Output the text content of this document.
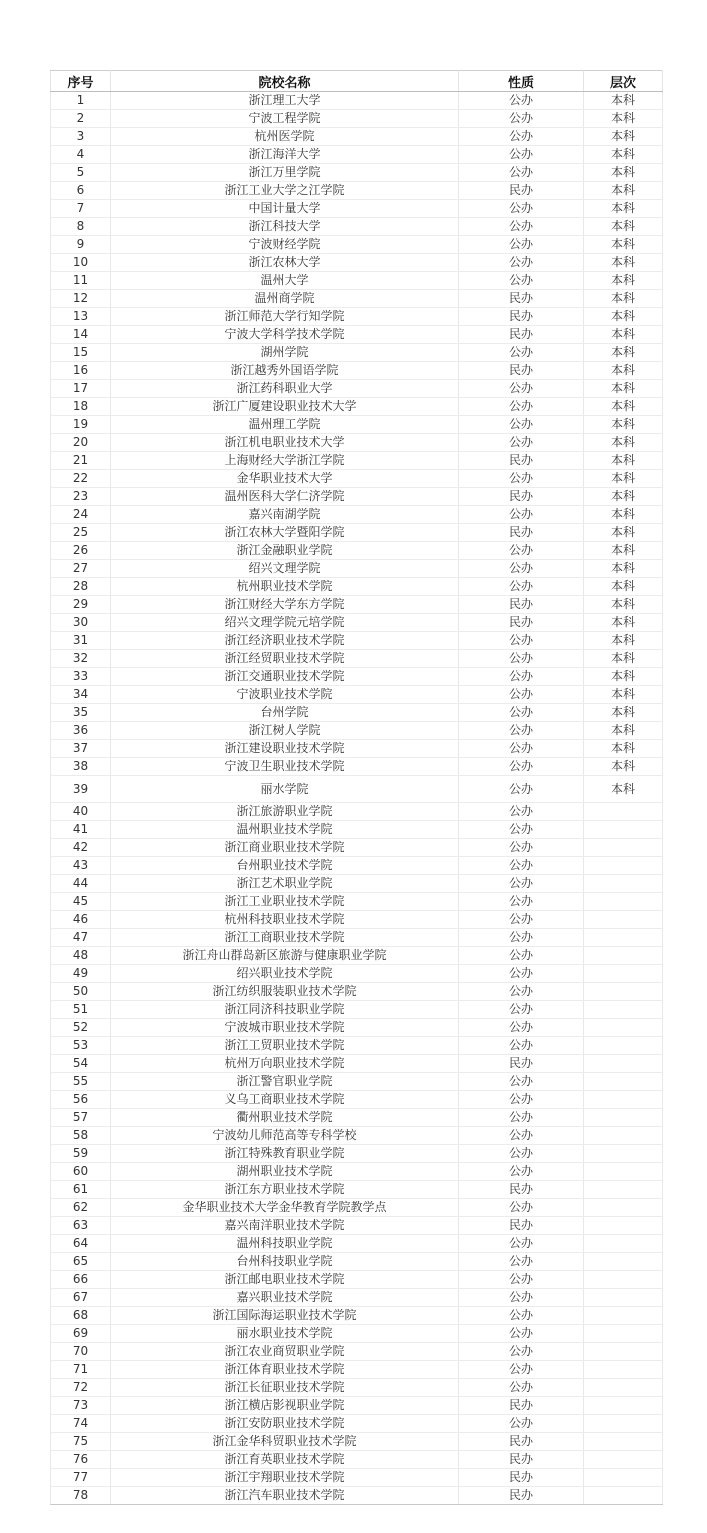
序号	院校名称	性质	层次
1	浙江理工大学	公办	本科
2	宁波工程学院	公办	本科
3	杭州医学院	公办	本科
4	浙江海洋大学	公办	本科
5	浙江万里学院	公办	本科
6	浙江工业大学之江学院	民办	本科
7	中国计量大学	公办	本科
8	浙江科技大学	公办	本科
9	宁波财经学院	公办	本科
10	浙江农林大学	公办	本科
11	温州大学	公办	本科
12	温州商学院	民办	本科
13	浙江师范大学行知学院	民办	本科
14	宁波大学科学技术学院	民办	本科
15	湖州学院	公办	本科
16	浙江越秀外国语学院	民办	本科
17	浙江药科职业大学	公办	本科
18	浙江广厦建设职业技术大学	公办	本科
19	温州理工学院	公办	本科
20	浙江机电职业技术大学	公办	本科
21	上海财经大学浙江学院	民办	本科
22	金华职业技术大学	公办	本科
23	温州医科大学仁济学院	民办	本科
24	嘉兴南湖学院	公办	本科
25	浙江农林大学暨阳学院	民办	本科
26	浙江金融职业学院	公办	本科
27	绍兴文理学院	公办	本科
28	杭州职业技术学院	公办	本科
29	浙江财经大学东方学院	民办	本科
30	绍兴文理学院元培学院	民办	本科
31	浙江经济职业技术学院	公办	本科
32	浙江经贸职业技术学院	公办	本科
33	浙江交通职业技术学院	公办	本科
34	宁波职业技术学院	公办	本科
35	台州学院	公办	本科
36	浙江树人学院	公办	本科
37	浙江建设职业技术学院	公办	本科
38	宁波卫生职业技术学院	公办	本科
39	丽水学院	公办	本科
40	浙江旅游职业学院	公办	
41	温州职业技术学院	公办	
42	浙江商业职业技术学院	公办	
43	台州职业技术学院	公办	
44	浙江艺术职业学院	公办	
45	浙江工业职业技术学院	公办	
46	杭州科技职业技术学院	公办	
47	浙江工商职业技术学院	公办	
48	浙江舟山群岛新区旅游与健康职业学院	公办	
49	绍兴职业技术学院	公办	
50	浙江纺织服装职业技术学院	公办	
51	浙江同济科技职业学院	公办	
52	宁波城市职业技术学院	公办	
53	浙江工贸职业技术学院	公办	
54	杭州万向职业技术学院	民办	
55	浙江警官职业学院	公办	
56	义乌工商职业技术学院	公办	
57	衢州职业技术学院	公办	
58	宁波幼儿师范高等专科学校	公办	
59	浙江特殊教育职业学院	公办	
60	湖州职业技术学院	公办	
61	浙江东方职业技术学院	民办	
62	金华职业技术大学金华教育学院教学点	公办	
63	嘉兴南洋职业技术学院	民办	
64	温州科技职业学院	公办	
65	台州科技职业学院	公办	
66	浙江邮电职业技术学院	公办	
67	嘉兴职业技术学院	公办	
68	浙江国际海运职业技术学院	公办	
69	丽水职业技术学院	公办	
70	浙江农业商贸职业学院	公办	
71	浙江体育职业技术学院	公办	
72	浙江长征职业技术学院	公办	
73	浙江横店影视职业学院	民办	
74	浙江安防职业技术学院	公办	
75	浙江金华科贸职业技术学院	民办	
76	浙江育英职业技术学院	民办	
77	浙江宇翔职业技术学院	民办	
78	浙江汽车职业技术学院	民办	
